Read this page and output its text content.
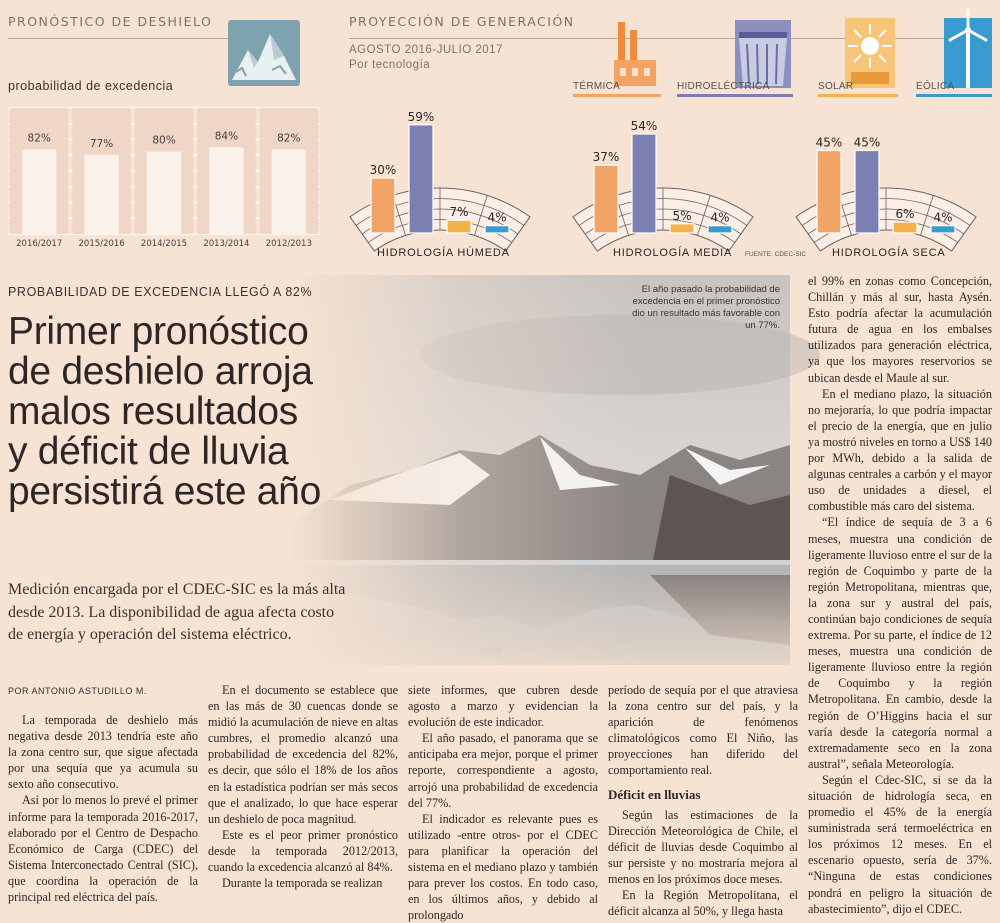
PRONÓSTICO DE DESHIELO
probabilidad de excedencia
82%
2016/2017
77%
2015/2016
80%
2014/2015
84%
2013/2014
82%
2012/2013
PROYECCIÓN DE GENERACIÓN
AGOSTO 2016-JULIO 2017
Por tecnología
TÉRMICA	HIDROELÉCTRICA	SOLAR	EÓLICA
30%
59%
7% 4%
37%
54%
5% 4%
45% 45%
6% 4%
HIDROLOGÍA HÚMEDA	HIDROLOGÍA MEDIA FUENTE: CDEC-SIC HIDROLOGÍA SECA
El año pasado la probabilidad de
excedencia en el primer pronóstico
dio un resultado más favorable con
un 77%.
PROBABILIDAD DE EXCEDENCIA LLEGÓ A 82%
Primer pronóstico
de deshielo arroja
malos resultados
y déficit de lluvia
persistirá este año
Medición encargada por el CDEC-SIC es la más alta
desde 2013. La disponibilidad de agua afecta costo
de energía y operación del sistema eléctrico.
POR ANTONIO ASTUDILLO M.

La temporada de deshielo más negativa desde 2013 tendría este año la zona centro sur, que sigue afectada por una sequía que ya acumula su sexto año consecutivo.

Así por lo menos lo prevé el primer informe para la temporada 2016-2017, elaborado por el Centro de Despacho Económico de Carga (CDEC) del Sistema Interconectado Central (SIC), que coordina la operación de la principal red eléctrica del país.

En el documento se establece que en las más de 30 cuencas donde se midió la acumulación de nieve en altas cumbres, el promedio alcanzó una probabilidad de excedencia del 82%, es decir, que sólo el 18% de los años en la estadística podrían ser más secos que el analizado, lo que hace esperar un deshielo de poca magnitud.

Este es el peor primer pronóstico desde la temporada 2012/2013, cuando la excedencia alcanzó al 84%.

Durante la temporada se realizan

siete informes, que cubren desde agosto a marzo y evidencian la evolución de este indicador.

El año pasado, el panorama que se anticipaba era mejor, porque el primer reporte, correspondiente a agosto, arrojó una probabilidad de excedencia del 77%.

El indicador es relevante pues es utilizado -entre otros- por el CDEC para planificar la operación del sistema en el mediano plazo y también para prever los costos. En todo caso, en los últimos años, y debido al prolongado

período de sequía por el que atraviesa la zona centro sur del país, y la aparición de fenómenos climatológicos como El Niño, las proyecciones han diferido del comportamiento real.

Déficit en lluvias

Según las estimaciones de la Dirección Meteorológica de Chile, el déficit de lluvias desde Coquimbo al sur persiste y no mostraría mejora al menos en los próximos doce meses.

En la Región Metropolitana, el déficit alcanza al 50%, y llega hasta

el 99% en zonas como Concepción, Chillán y más al sur, hasta Aysén. Esto podría afectar la acumulación futura de agua en los embalses utilizados para generación eléctrica, ya que los mayores reservorios se ubican desde el Maule al sur.

En el mediano plazo, la situación no mejoraría, lo que podría impactar el precio de la energía, que en julio ya mostró niveles en torno a US$ 140 por MWh, debido a la salida de algunas centrales a carbón y el mayor uso de unidades a diesel, el combustible más caro del sistema.

“El índice de sequía de 3 a 6 meses, muestra una condición de ligeramente lluvioso entre el sur de la región de Coquimbo y parte de la región Metropolitana, mientras que, la zona sur y austral del país, continúan bajo condiciones de sequía extrema. Por su parte, el índice de 12 meses, muestra una condición de ligeramente lluvioso entre la región de Coquimbo y la región Metropolitana. En cambio, desde la región de O’Higgins hacia el sur varía desde la categoría normal a extremadamente seco en la zona austral”, señala Meteorología.

Según el Cdec-SIC, si se da la situación de hidrología seca, en promedio el 45% de la energía suministrada será termoeléctrica en los próximos 12 meses. En el escenario opuesto, sería de 37%. “Ninguna de estas condiciones pondrá en peligro la situación de abastecimiento”, dijo el CDEC.
